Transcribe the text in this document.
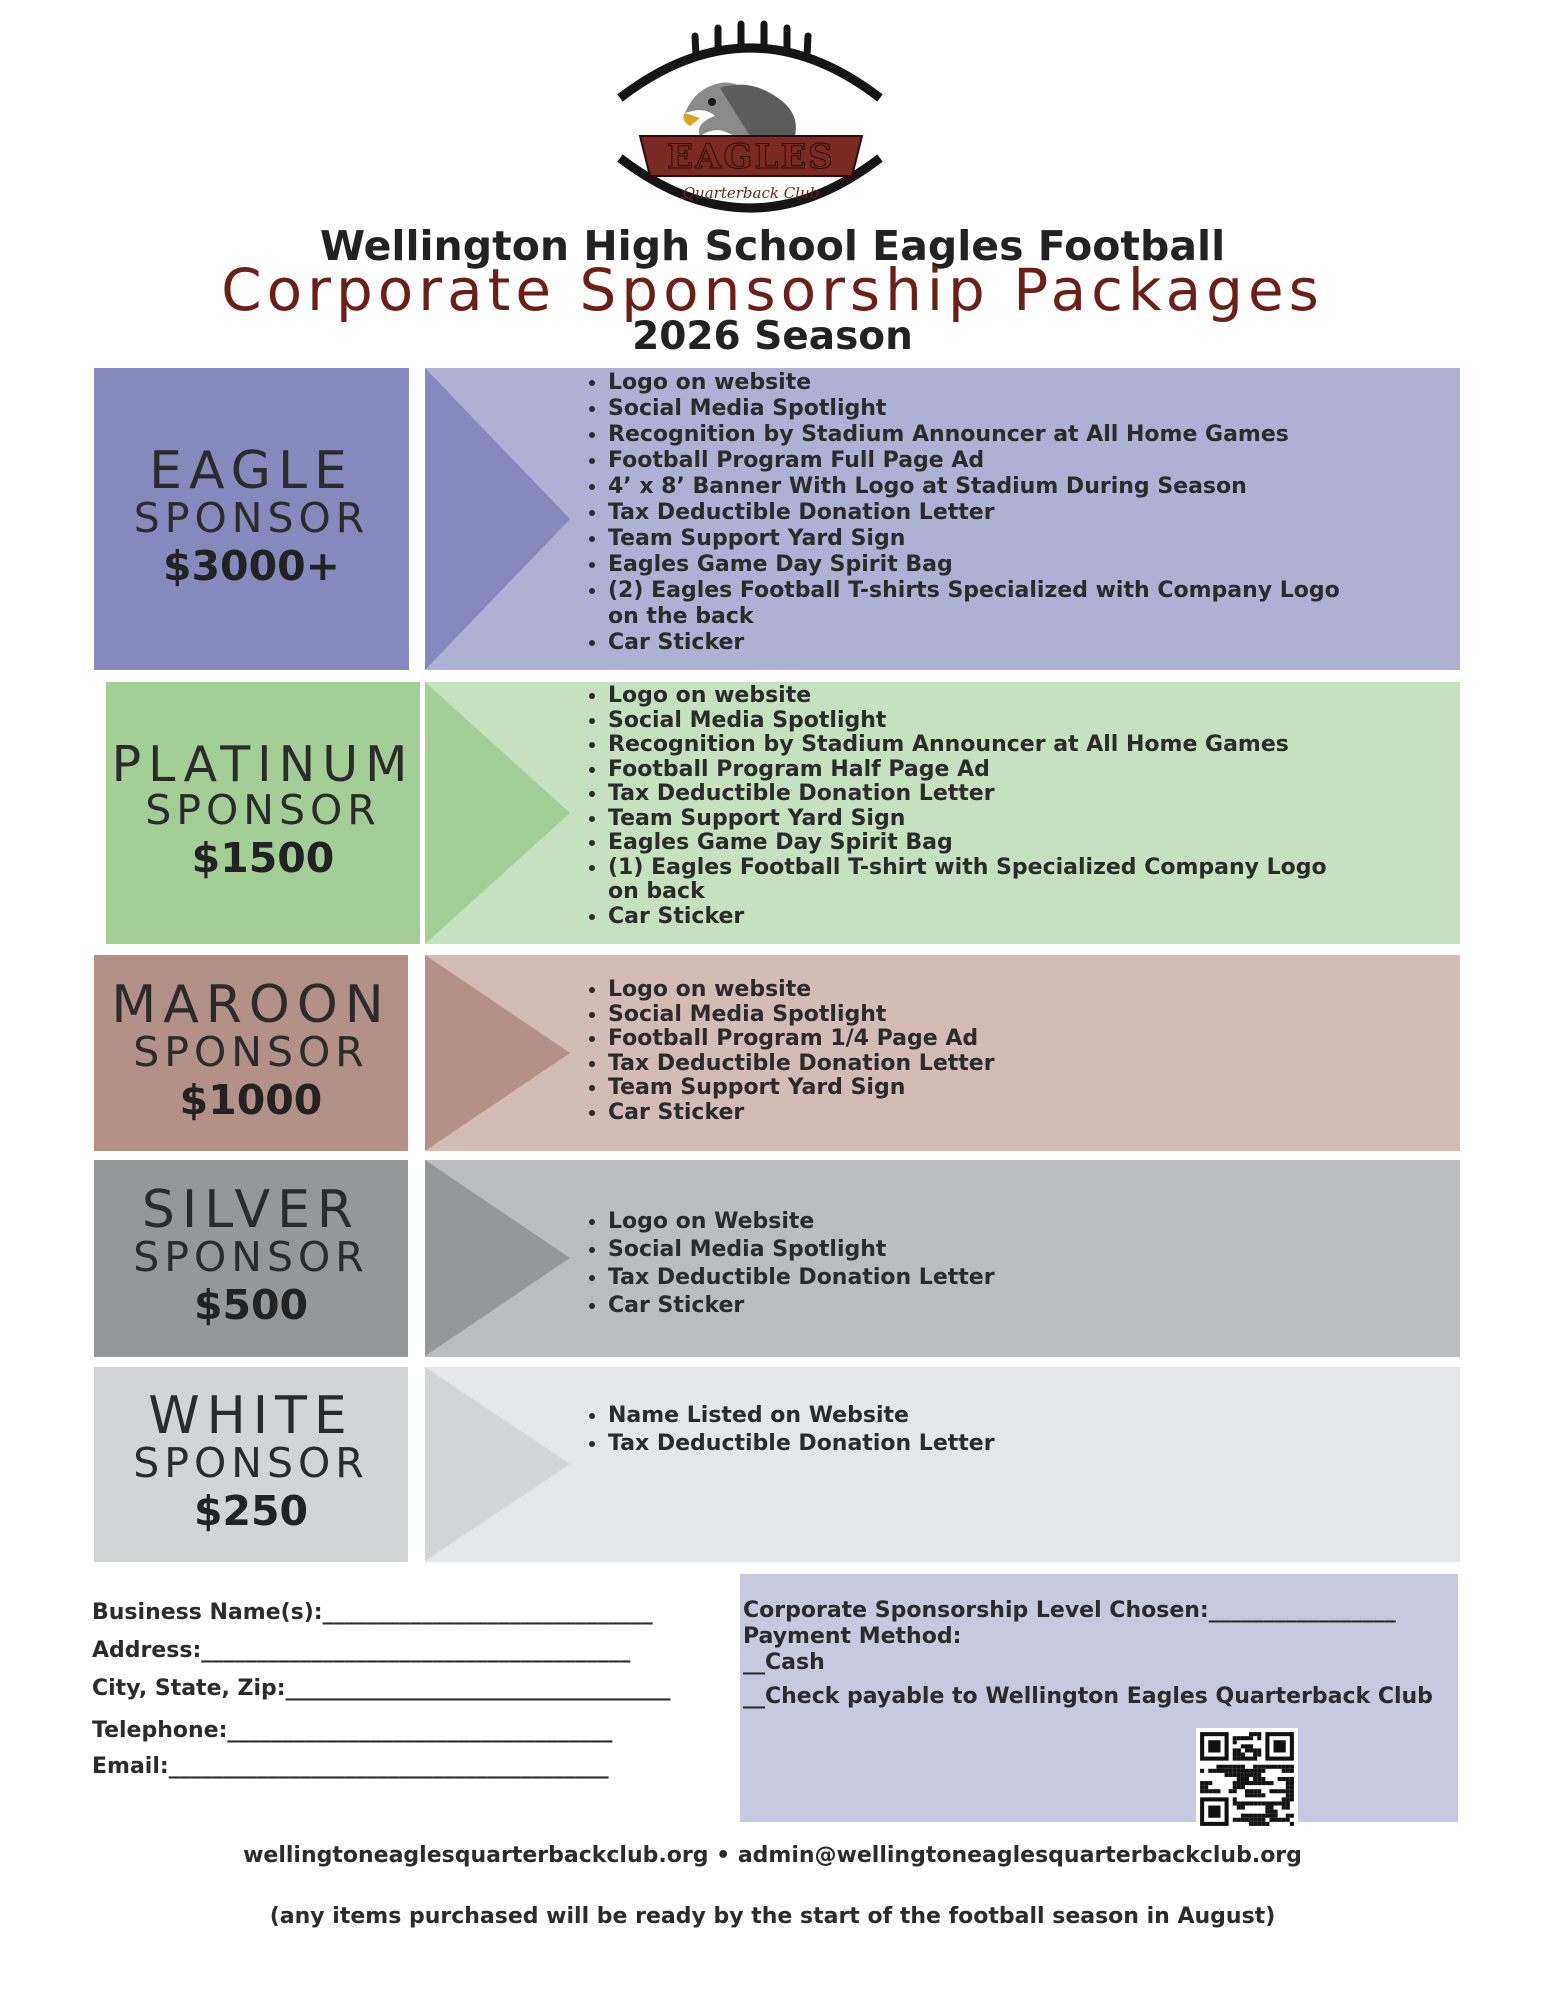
EAGLES
Quarterback Club
Wellington High School Eagles Football
Corporate Sponsorship Packages
2026 Season
EAGLE
SPONSOR
$3000+
• Logo on website
• Social Media Spotlight
• Recognition by Stadium Announcer at All Home Games
• Football Program Full Page Ad
• 4’ x 8’ Banner With Logo at Stadium During Season
• Tax Deductible Donation Letter
• Team Support Yard Sign
• Eagles Game Day Spirit Bag
• (2) Eagles Football T-shirts Specialized with Company Logo on the back
• Car Sticker
PLATINUM
SPONSOR
$1500
• Logo on website
• Social Media Spotlight
• Recognition by Stadium Announcer at All Home Games
• Football Program Half Page Ad
• Tax Deductible Donation Letter
• Team Support Yard Sign
• Eagles Game Day Spirit Bag
• (1) Eagles Football T-shirt with Specialized Company Logo on back
• Car Sticker
MAROON
SPONSOR
$1000
• Logo on website
• Social Media Spotlight
• Football Program 1/4 Page Ad
• Tax Deductible Donation Letter
• Team Support Yard Sign
• Car Sticker
SILVER
SPONSOR
$500
• Logo on Website
• Social Media Spotlight
• Tax Deductible Donation Letter
• Car Sticker
WHITE
SPONSOR
$250
• Name Listed on Website
• Tax Deductible Donation Letter
Business Name(s):______________________________
Address:_______________________________________
City, State, Zip:___________________________________
Telephone:___________________________________
Email:________________________________________
Corporate Sponsorship Level Chosen:_________________
Payment Method:
__Cash
__Check payable to Wellington Eagles Quarterback Club
wellingtoneaglesquarterbackclub.org • admin@wellingtoneaglesquarterbackclub.org
(any items purchased will be ready by the start of the football season in August)
